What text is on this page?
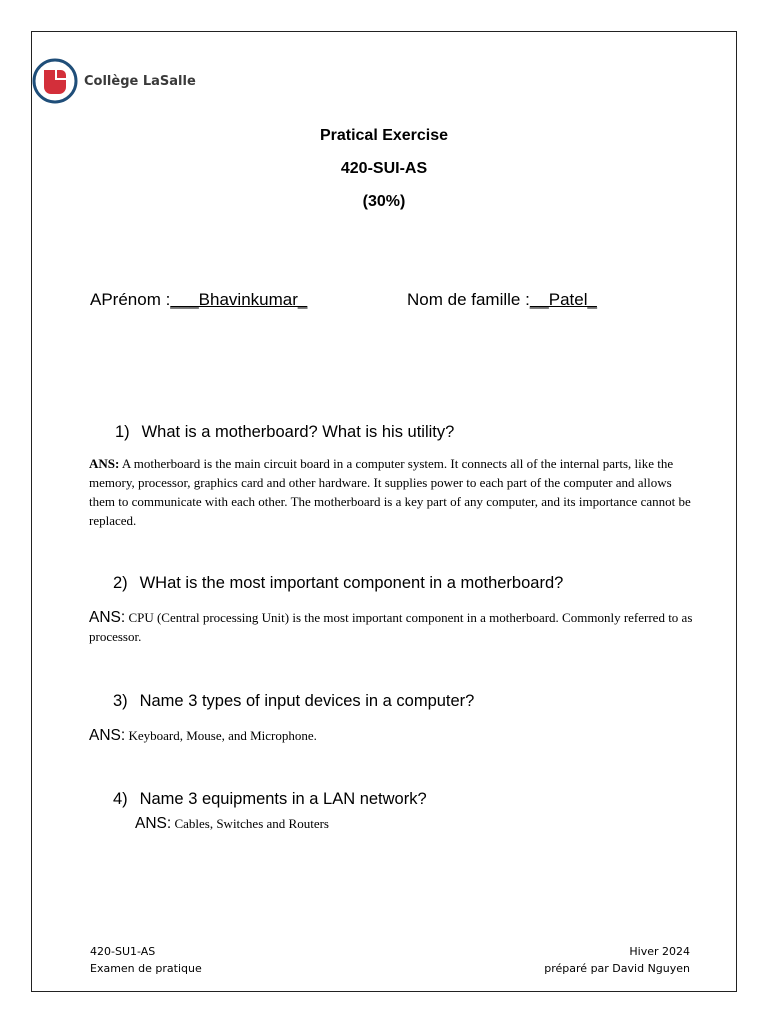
Collège LaSalle
Pratical Exercise
420-SUI-AS
(30%)
APrénom :___Bhavinkumar_	Nom de famille :__Patel_
1) What is a motherboard? What is his utility?
ANS: A motherboard is the main circuit board in a computer system. It connects all of the internal parts, like the memory, processor, graphics card and other hardware. It supplies power to each part of the computer and allows them to communicate with each other. The motherboard is a key part of any computer, and its importance cannot be replaced.
2) WHat is the most important component in a motherboard?
ANS: CPU (Central processing Unit) is the most important component in a motherboard. Commonly referred to as processor.
3) Name 3 types of input devices in a computer?
ANS: Keyboard, Mouse, and Microphone.
4) Name 3 equipments in a LAN network?
ANS: Cables, Switches and Routers
420-SU1-AS
Examen de pratique
Hiver 2024
préparé par David Nguyen
